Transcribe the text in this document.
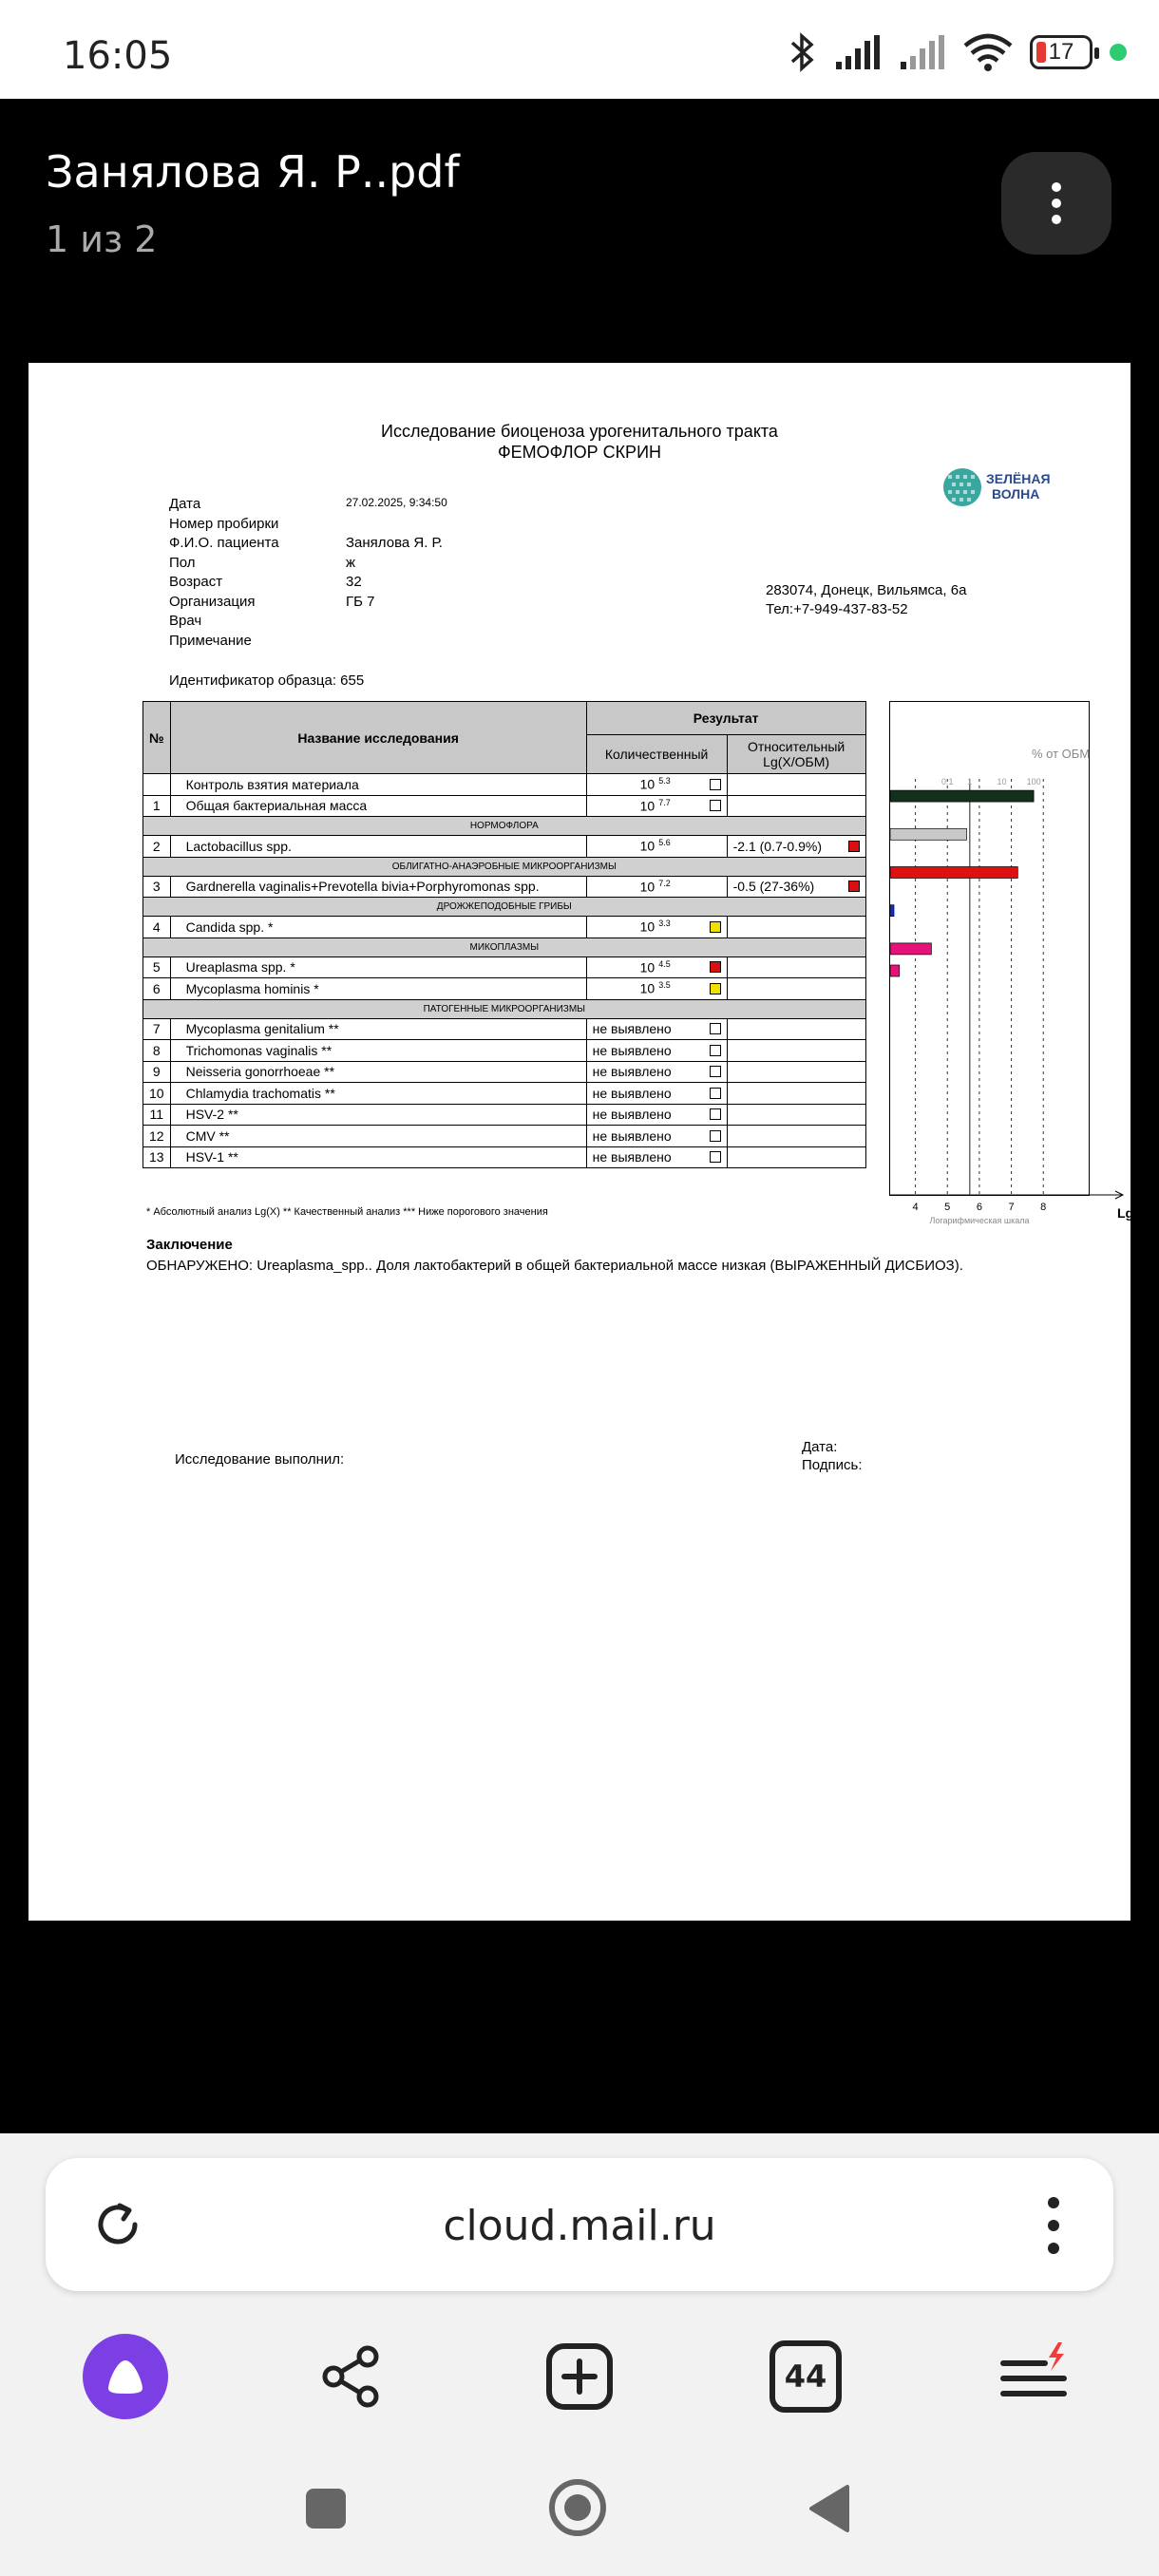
16:05	17
Занялова Я. Р..pdf
1 из 2
Исследование биоценоза урогенитального тракта
ФЕМОФЛОР СКРИН
ЗЕЛЁНАЯ
ВОЛНА
Дата	27.02.2025, 9:34:50
Номер пробирки
Ф.И.О. пациента	Занялова Я. Р.
Пол	ж
Возраст	32
Организация	ГБ 7
Врач
Примечание
283074, Донецк, Вильямса, 6а
Тел:+7-949-437-83-52
Идентификатор образца: 655
№	Название исследования	Результат	
		Количественный	Относительный Lg(X/ОБМ)
	Контроль взятия материала	10 $^{5.3}$

1	Общая бактериальная масса	10 $^{7.7}$

НОРМОФЛОРА			
2	Lactobacillus spp.	10 $^{5.6}$	-2.1 (0.7-0.9%)

ОБЛИГАТНО-АНАЭРОБНЫЕ МИКРООРГАНИЗМЫ			
3	Gardnerella vaginalis+Prevotella bivia+Porphyromonas spp.	10 $^{7.2}$	-0.5 (27-36%)

ДРОЖЖЕПОДОБНЫЕ ГРИБЫ			
4	Candida spp. *	10 $^{3.3}$

МИКОПЛАЗМЫ			
5	Ureaplasma spp. *	10 $^{4.5}$

6	Mycoplasma hominis *	10 $^{3.5}$

ПАТОГЕННЫЕ МИКРООРГАНИЗМЫ			
7	Mycoplasma genitalium **	не выявлено	

8	Trichomonas vaginalis **	не выявлено	

9	Neisseria gonorrhoeae **	не выявлено	

10	Chlamydia trachomatis **	не выявлено	

11	HSV-2 **	не выявлено	

12	CMV **	не выявлено	

13	HSV-1 **	не выявлено	

4	5	6	7	8
% от ОБМ
0.1 1	10 100
Lg
Логарифмическая шкала
* Абсолютный анализ Lg(X) ** Качественный анализ *** Ниже порогового значения
Заключение
ОБНАРУЖЕНО: Ureaplasma_spp.. Доля лактобактерий в общей бактериальной массе низкая (ВЫРАЖЕННЫЙ ДИСБИОЗ).
Исследование выполнил:
Дата:
Подпись:
cloud.mail.ru
44
